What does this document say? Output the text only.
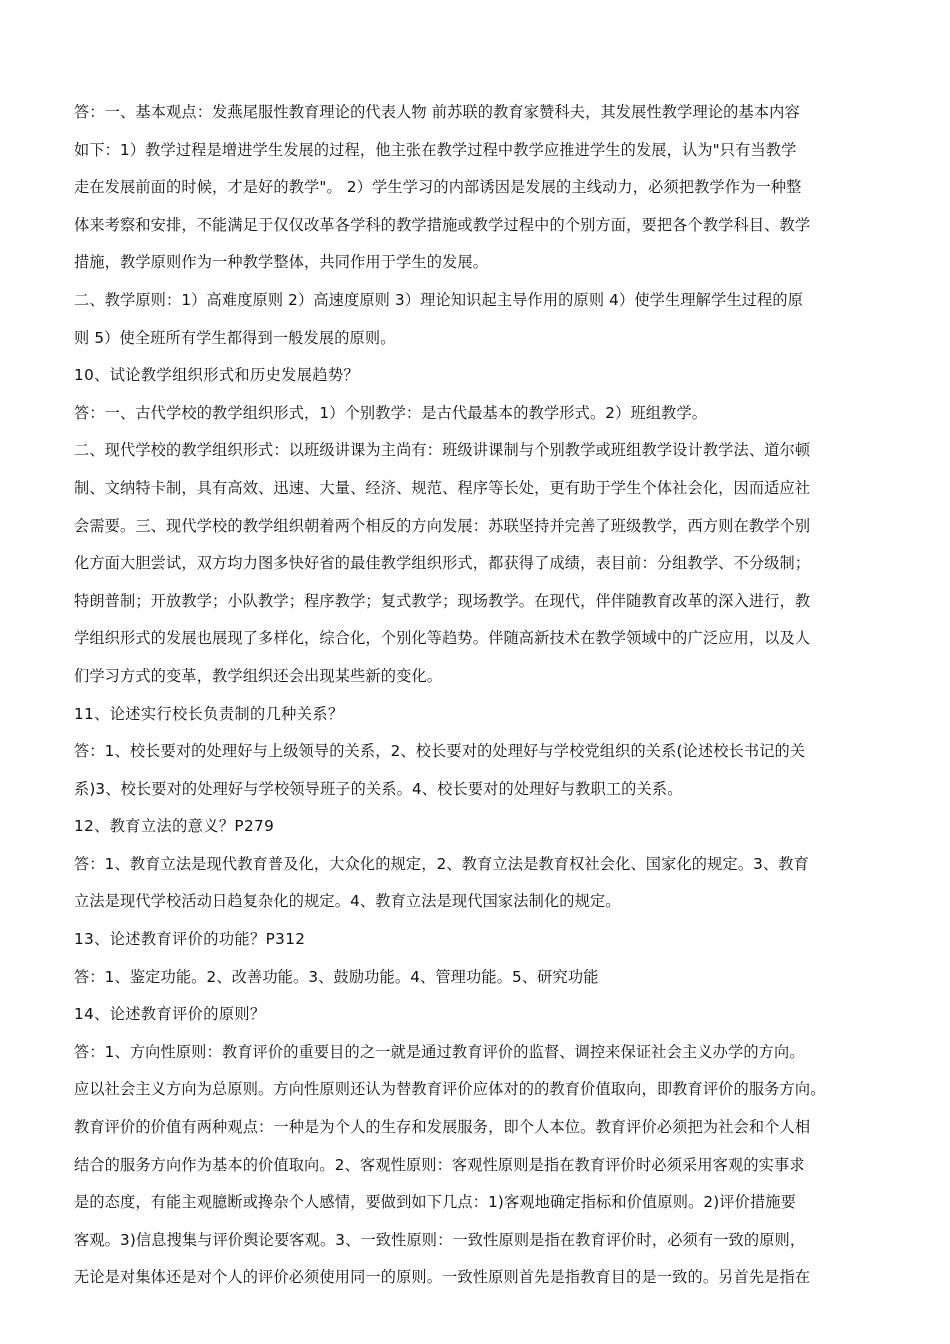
答：一、基本观点：发燕尾服性教育理论的代表人物 前苏联的教育家赞科夫，其发展性教学理论的基本内容
如下：1）教学过程是增进学生发展的过程，他主张在教学过程中教学应推进学生的发展，认为"只有当教学
走在发展前面的时候，才是好的教学"。 2）学生学习的内部诱因是发展的主线动力，必须把教学作为一种整
体来考察和安排，不能满足于仅仅改革各学科的教学措施或教学过程中的个别方面，要把各个教学科目、教学
措施，教学原则作为一种教学整体，共同作用于学生的发展。
二、教学原则：1）高难度原则 2）高速度原则 3）理论知识起主导作用的原则 4）使学生理解学生过程的原
则 5）使全班所有学生都得到一般发展的原则。
10、试论教学组织形式和历史发展趋势？
答：一、古代学校的教学组织形式，1）个别教学：是古代最基本的教学形式。2）班组教学。
二、现代学校的教学组织形式：以班级讲课为主尚有：班级讲课制与个别教学或班组教学设计教学法、道尔顿
制、文纳特卡制，具有高效、迅速、大量、经济、规范、程序等长处，更有助于学生个体社会化，因而适应社
会需要。三、现代学校的教学组织朝着两个相反的方向发展：苏联坚持并完善了班级教学，西方则在教学个别
化方面大胆尝试，双方均力图多快好省的最佳教学组织形式，都获得了成绩，表目前：分组教学、不分级制；
特朗普制；开放教学；小队教学；程序教学；复式教学；现场教学。在现代，伴伴随教育改革的深入进行，教
学组织形式的发展也展现了多样化，综合化，个别化等趋势。伴随高新技术在教学领域中的广泛应用，以及人
们学习方式的变革，教学组织还会出现某些新的变化。
11、论述实行校长负责制的几种关系？
答：1、校长要对的处理好与上级领导的关系，2、校长要对的处理好与学校党组织的关系(论述校长书记的关
系)3、校长要对的处理好与学校领导班子的关系。4、校长要对的处理好与教职工的关系。
12、教育立法的意义？P279
答：1、教育立法是现代教育普及化，大众化的规定，2、教育立法是教育权社会化、国家化的规定。3、教育
立法是现代学校活动日趋复杂化的规定。4、教育立法是现代国家法制化的规定。
13、论述教育评价的功能？P312
答：1、鉴定功能。2、改善功能。3、鼓励功能。4、管理功能。5、研究功能
14、论述教育评价的原则？
答：1、方向性原则：教育评价的重要目的之一就是通过教育评价的监督、调控来保证社会主义办学的方向。
应以社会主义方向为总原则。方向性原则还认为替教育评价应体对的的教育价值取向，即教育评价的服务方向。
教育评价的价值有两种观点：一种是为个人的生存和发展服务，即个人本位。教育评价必须把为社会和个人相
结合的服务方向作为基本的价值取向。2、客观性原则：客观性原则是指在教育评价时必须采用客观的实事求
是的态度，有能主观臆断或搀杂个人感情，要做到如下几点：1)客观地确定指标和价值原则。2)评价措施要
客观。3)信息搜集与评价舆论要客观。3、一致性原则：一致性原则是指在教育评价时，必须有一致的原则，
无论是对集体还是对个人的评价必须使用同一的原则。一致性原则首先是指教育目的是一致的。另首先是指在
